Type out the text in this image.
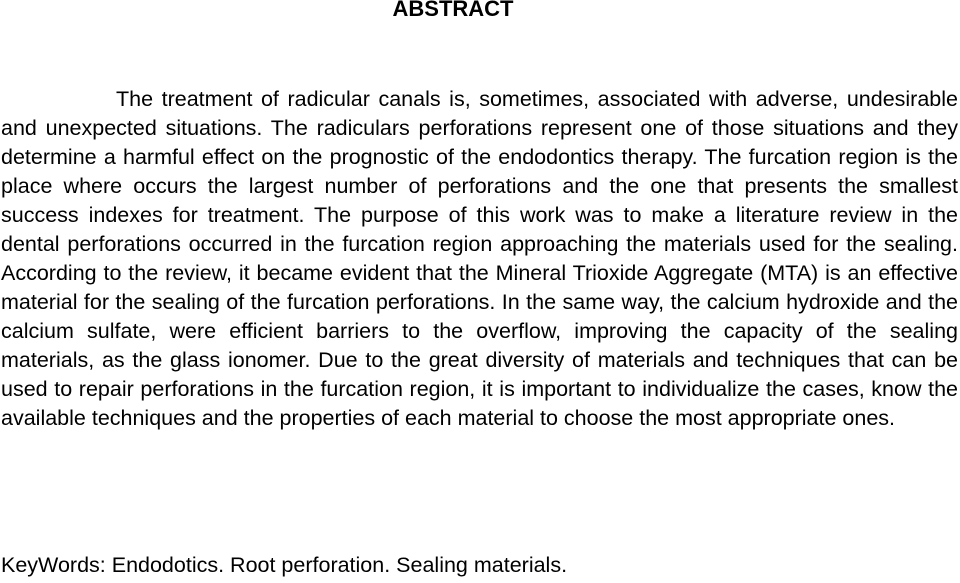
ABSTRACT

The treatment of radicular canals is, sometimes, associated with adverse, undesirable and unexpected situations. The radiculars perforations represent one of those situations and they determine a harmful effect on the prognostic of the endodontics therapy. The furcation region is the place where occurs the largest number of perforations and the one that presents the smallest success indexes for treatment. The purpose of this work was to make a literature review in the dental perforations occurred in the furcation region approaching the materials used for the sealing. According to the review, it became evident that the Mineral Trioxide Aggregate (MTA) is an effective material for the sealing of the furcation perforations. In the same way, the calcium hydroxide and the calcium sulfate, were efficient barriers to the overflow, improving the capacity of the sealing materials, as the glass ionomer. Due to the great diversity of materials and techniques that can be used to repair perforations in the furcation region, it is important to individualize the cases, know the available techniques and the properties of each material to choose the most appropriate ones.

KeyWords: Endodotics. Root perforation. Sealing materials.
